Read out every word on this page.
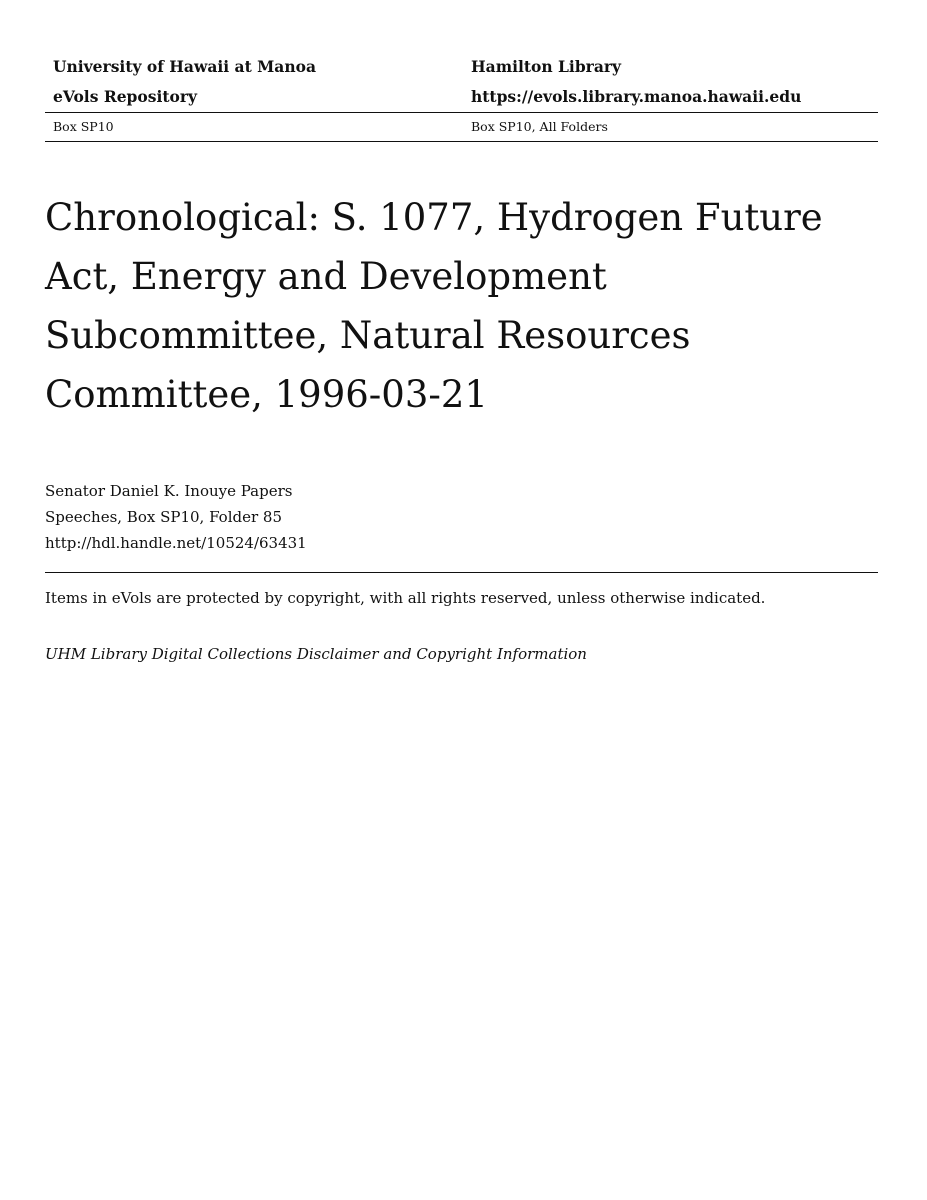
University of Hawaii at Manoa	Hamilton Library
eVols Repository	https://evols.library.manoa.hawaii.edu
Box SP10	Box SP10, All Folders
Chronological: S. 1077, Hydrogen Future Act, Energy and Development Subcommittee, Natural Resources Committee, 1996-03-21
Senator Daniel K. Inouye Papers
Speeches, Box SP10, Folder 85
http://hdl.handle.net/10524/63431
Items in eVols are protected by copyright, with all rights reserved, unless otherwise indicated.
UHM Library Digital Collections Disclaimer and Copyright Information
